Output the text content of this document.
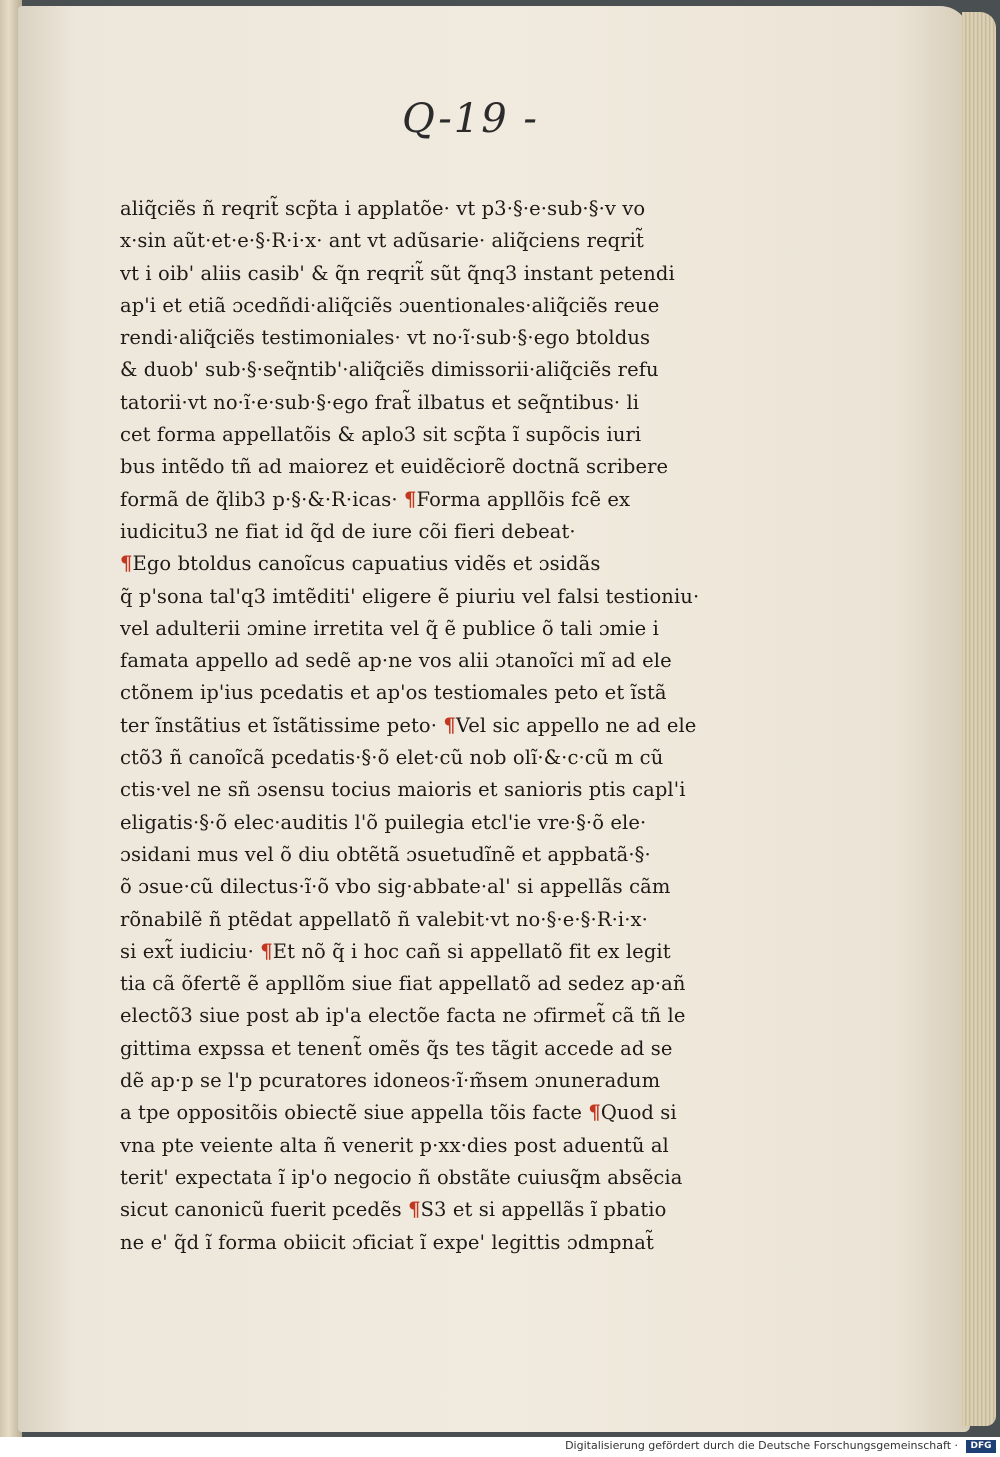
Q-19 -
aliq̃ciẽs ñ reqrit̃ scp̃ta i applatõe· vt p3·§·e·sub·§·v vo
x·sin aũt·et·e·§·R·i·x· ant vt adũsarie· aliq̃ciens reqrit̃
vt i oib' aliis casib' & q̃n reqrit̃ sũt q̃nq3 instant petendi
ap'i et etiã ɔcedñdi·aliq̃ciẽs ɔuentionales·aliq̃ciẽs reue
rendi·aliq̃ciẽs testimoniales· vt no·ĩ·sub·§·ego btoldus
& duob' sub·§·seq̃ntib'·aliq̃ciẽs dimissorii·aliq̃ciẽs refu
tatorii·vt no·ĩ·e·sub·§·ego frat̃ ilbatus et seq̃ntibus· li
cet forma appellatõis & aplo3 sit scp̃ta ĩ supõcis iuri
bus intẽdo tñ ad maiorez et euidẽciorẽ doctnã scribere
formã de q̃lib3 p·§·&·R·icas· ¶Forma appllõis fcẽ ex
iudicitu3 ne fiat id q̃d de iure cõi fieri debeat·
¶Ego btoldus canoĩcus capuatius vidẽs et ɔsidãs
q̃ p'sona tal'q3 imtẽditi' eligere ẽ piuriu vel falsi testioniu·
vel adulterii ɔmine irretita vel q̃ ẽ publice õ tali ɔmie i
famata appello ad sedẽ ap·ne vos alii ɔtanoĩci mĩ ad ele
ctõnem ip'ius pcedatis et ap'os testiomales peto et ĩstã
ter ĩnstãtius et ĩstãtissime peto· ¶Vel sic appello ne ad ele
ctõ3 ñ canoĩcã pcedatis·§·õ elet·cũ nob olĩ·&·c·cũ m cũ
ctis·vel ne sñ ɔsensu tocius maioris et sanioris ptis capl'i
eligatis·§·õ elec·auditis l'õ puilegia etcl'ie vre·§·õ ele·
ɔsidani mus vel õ diu obtẽtã ɔsuetudĩnẽ et appbatã·§·
õ ɔsue·cũ dilectus·ĩ·õ vbo sig·abbate·al' si appellãs cãm
rõnabilẽ ñ ptẽdat appellatõ ñ valebit·vt no·§·e·§·R·i·x·
si ext̃ iudiciu· ¶Et nõ q̃ i hoc cañ si appellatõ fit ex legit
tia cã õfertẽ ẽ appllõm siue fiat appellatõ ad sedez ap·añ
electõ3 siue post ab ip'a electõe facta ne ɔfirmet̃ cã tñ le
gittima expssa et tenent̃ omẽs q̃s tes tãgit accede ad se
dẽ ap·p se l'p pcuratores idoneos·ĩ·m̃sem ɔnuneradum
a tpe oppositõis obiectẽ siue appella tõis facte ¶Quod si
vna pte veiente alta ñ venerit p·xx·dies post aduentũ al
terit' expectata ĩ ip'o negocio ñ obstãte cuiusq̃m absẽcia
sicut canonicũ fuerit pcedẽs ¶S3 et si appellãs ĩ pbatio
ne e' q̃d ĩ forma obiicit ɔficiat ĩ expe' legittis ɔdmpnat̃
Digitalisierung gefördert durch die Deutsche Forschungsgemeinschaft ·	DFG
